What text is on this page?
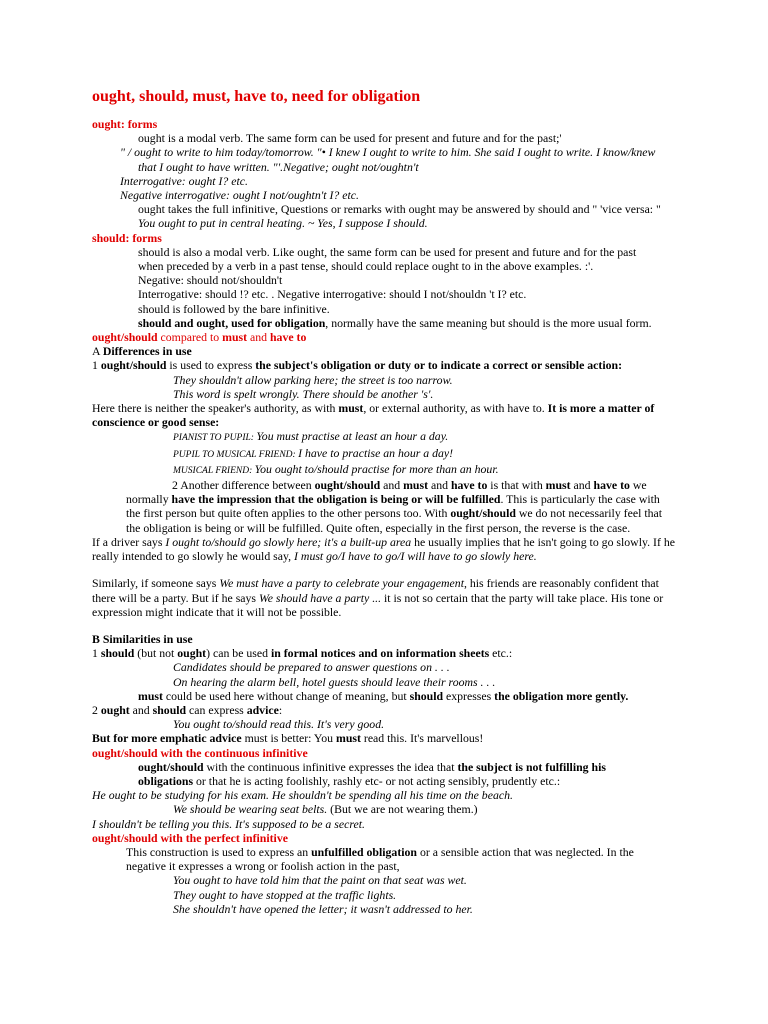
ought, should, must, have to, need for obligation
ought: forms
ought is a modal verb. The same form can be used for present and future and for the past;'
" / ought to write to him today/tomorrow. "• I knew I ought to write to him. She said I ought to write. I know/knew that I ought to have written. "'.Negative; ought not/oughtn't
Interrogative: ought I? etc.
Negative interrogative: ought I not/oughtn't I? etc.
ought takes the full infinitive, Questions or remarks with ought may be answered by should and " 'vice versa: " You ought to put in central heating. ~ Yes, I suppose I should.
should: forms
should is also a modal verb. Like ought, the same form can be used for present and future and for the past when preceded by a verb in a past tense, should could replace ought to in the above examples. :'. Negative: should not/shouldn't
Interrogative: should !? etc. . Negative interrogative: should I not/shouldn 't I? etc.
should is followed by the bare infinitive.
should and ought, used for obligation, normally have the same meaning but should is the more usual form.
ought/should compared to must and have to
A Differences in use
1 ought/should is used to express the subject's obligation or duty or to indicate a correct or sensible action:
They shouldn't allow parking here; the street is too narrow.
This word is spelt wrongly. There should be another 's'.
Here there is neither the speaker's authority, as with must, or external authority, as with have to. It is more a matter of conscience or good sense:
PIANIST TO PUPIL: You must practise at least an hour a day.
PUPIL TO MUSICAL FRIEND: I have to practise an hour a day!
MUSICAL FRIEND: You ought to/should practise for more than an hour.
2 Another difference between ought/should and must and have to is that with must and have to we normally have the impression that the obligation is being or will be fulfilled. This is particularly the case with the first person but quite often applies to the other persons too. With ought/should we do not necessarily feel that the obligation is being or will be fulfilled. Quite often, especially in the first person, the reverse is the case.
If a driver says I ought to/should go slowly here; it's a built-up area he usually implies that he isn't going to go slowly. If he really intended to go slowly he would say, I must go/I have to go/I will have to go slowly here.
Similarly, if someone says We must have a party to celebrate your engagement, his friends are reasonably confident that there will be a party. But if he says We should have a party ... it is not so certain that the party will take place. His tone or expression might indicate that it will not be possible.
B Similarities in use
1 should (but not ought) can be used in formal notices and on information sheets etc.:
Candidates should be prepared to answer questions on . . .
On hearing the alarm bell, hotel guests should leave their rooms . . .
must could be used here without change of meaning, but should expresses the obligation more gently.
2 ought and should can express advice:
You ought to/should read this. It's very good.
But for more emphatic advice must is better: You must read this. It's marvellous!
ought/should with the continuous infinitive
ought/should with the continuous infinitive expresses the idea that the subject is not fulfilling his obligations or that he is acting foolishly, rashly etc- or not acting sensibly, prudently etc.:
He ought to be studying for his exam. He shouldn't be spending all his time on the beach.
We should be wearing seat belts. (But we are not wearing them.)
I shouldn't be telling you this. It's supposed to be a secret.
ought/should with the perfect infinitive
This construction is used to express an unfulfilled obligation or a sensible action that was neglected. In the negative it expresses a wrong or foolish action in the past,
You ought to have told him that the paint on that seat was wet.
They ought to have stopped at the traffic lights.
She shouldn't have opened the letter; it wasn't addressed to her.
